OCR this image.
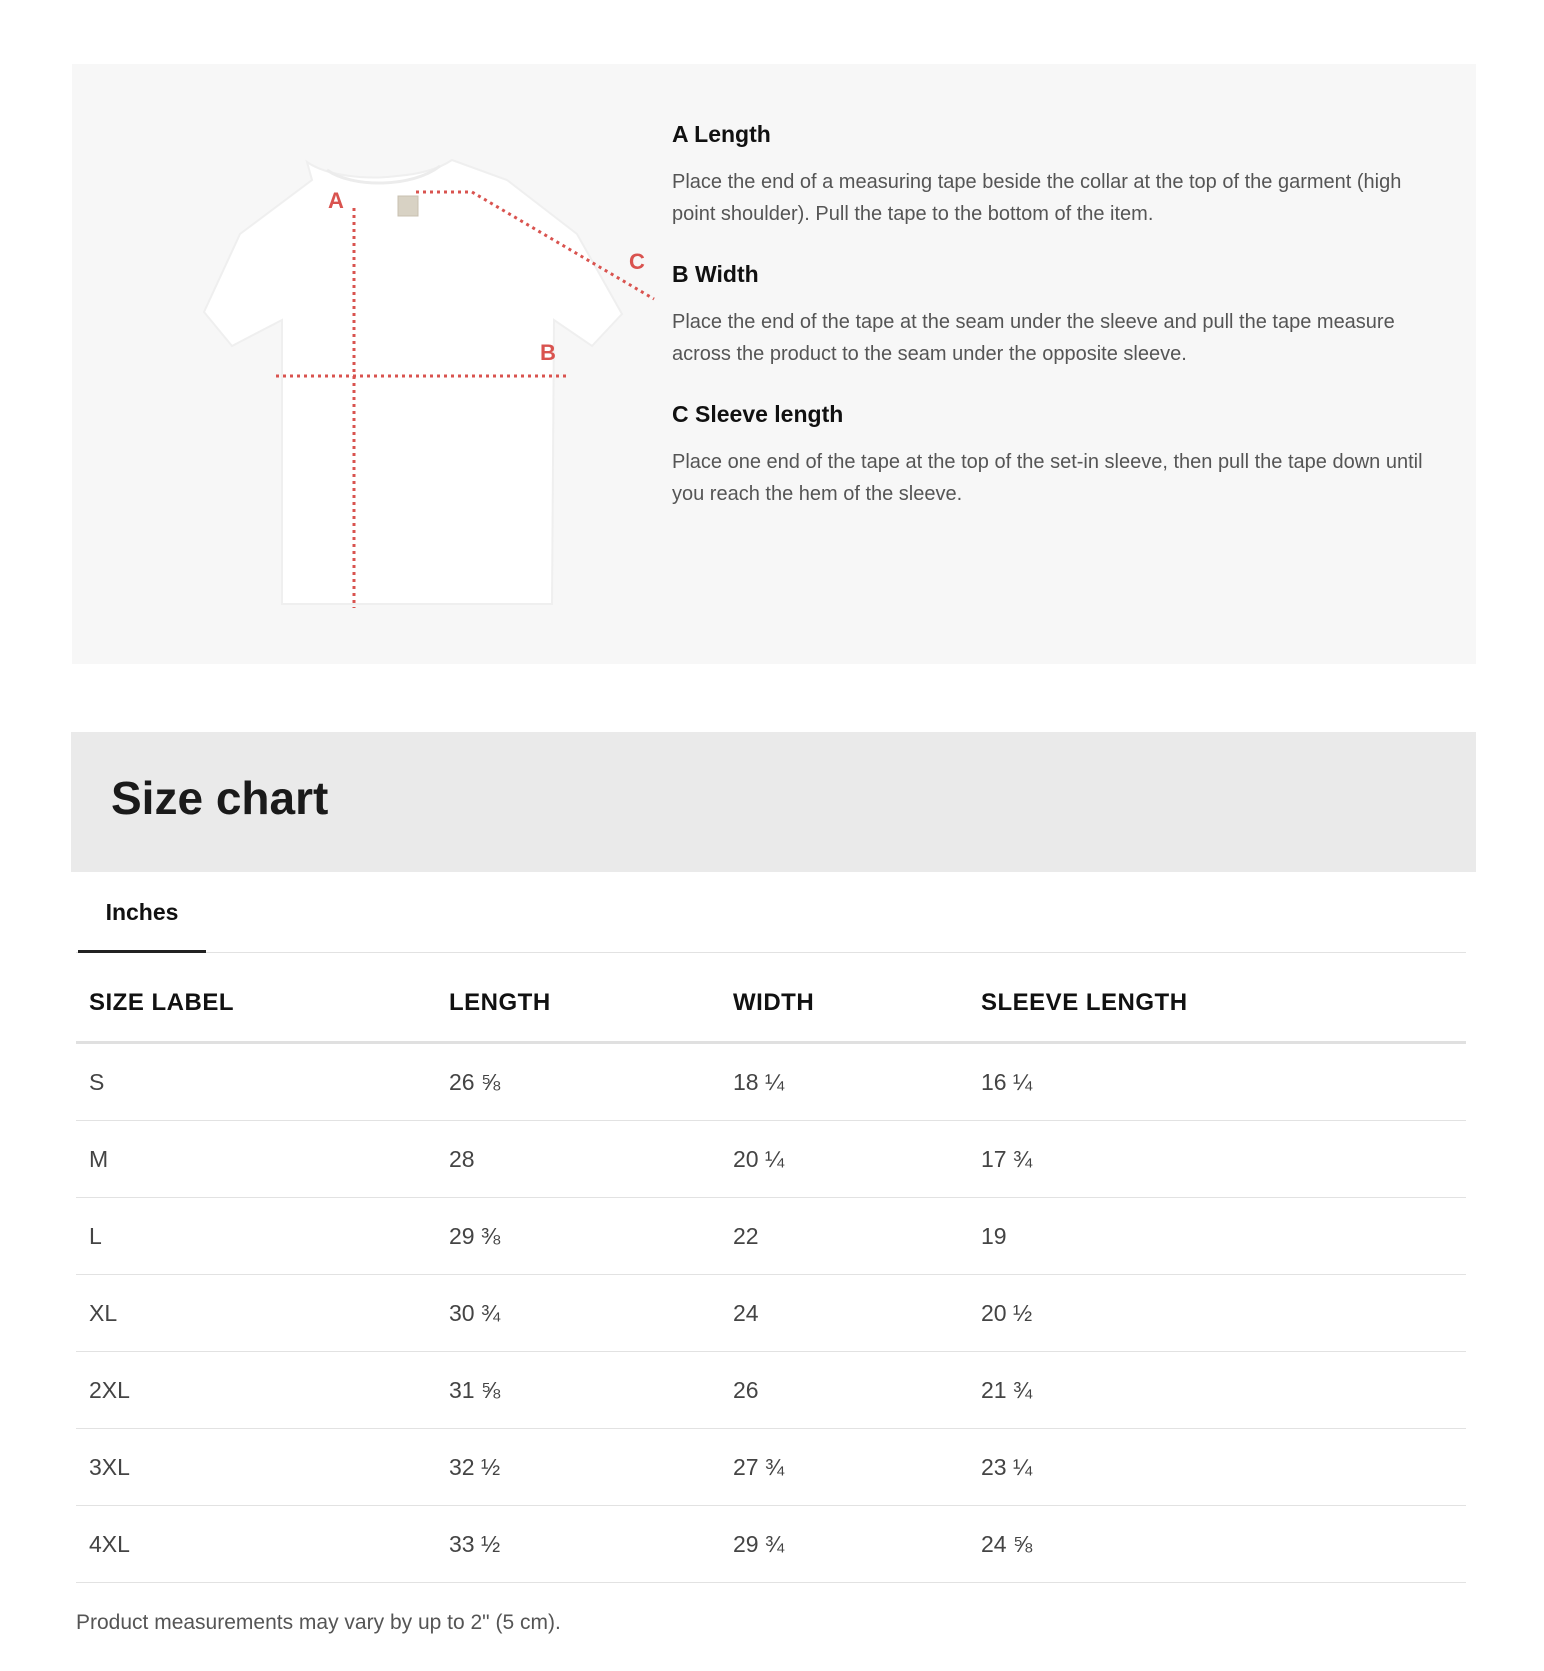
A
B
C
A Length

Place the end of a measuring tape beside the collar at the top of the garment (high point shoulder). Pull the tape to the bottom of the item.

B Width

Place the end of the tape at the seam under the sleeve and pull the tape measure across the product to the seam under the opposite sleeve.

C Sleeve length

Place one end of the tape at the top of the set-in sleeve, then pull the tape down until you reach the hem of the sleeve.

Size chart
Inches
SIZE LABEL	LENGTH	WIDTH	SLEEVE LENGTH
S	26 ⅝	18 ¼	16 ¼
M	28	20 ¼	17 ¾
L	29 ⅜	22	19
XL	30 ¾	24	20 ½
2XL	31 ⅝	26	21 ¾
3XL	32 ½	27 ¾	23 ¼
4XL	33 ½	29 ¾	24 ⅝

Product measurements may vary by up to 2" (5 cm).
